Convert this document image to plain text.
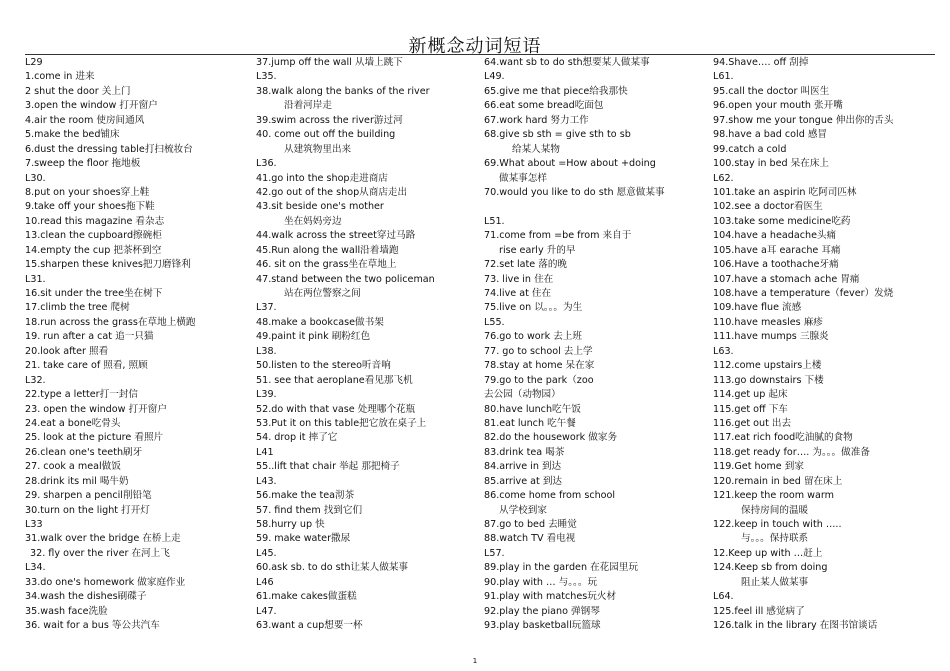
新概念动词短语
L29
1.come in 进来
2 shut the door 关上门
3.open the window 打开窗户
4.air the room 使房间通风
5.make the bed铺床
6.dust the dressing table打扫梳妆台
7.sweep the floor 拖地板
L30.
8.put on your shoes穿上鞋
9.take off your shoes拖下鞋
10.read this magazine 看杂志
13.clean the cupboard擦碗柜
14.empty the cup 把茶杯到空
15.sharpen these knives把刀磨锋利
L31.
16.sit under the tree坐在树下
17.climb the tree 爬树
18.run across the grass在草地上横跑
19. run after a cat 追一只猫
20.look after 照看
21. take care of 照看, 照顾
L32.
22.type a letter打一封信
23. open the window 打开窗户
24.eat a bone吃骨头
25. look at the picture 看照片
26.clean one's teeth刷牙
27. cook a meal做饭
28.drink its mil 喝牛奶
29. sharpen a pencil削铅笔
30.turn on the light 打开灯
L33
31.walk over the bridge 在桥上走
32. fly over the river 在河上飞
L34.
33.do one's homework 做家庭作业
34.wash the dishes刷碟子
35.wash face洗脸
36. wait for a bus 等公共汽车
37.jump off the wall 从墙上跳下
L35.
38.walk along the banks of the river
沿着河岸走
39.swim across the river游过河
40. come out off the building
从建筑物里出来
L36.
41.go into the shop走进商店
42.go out of the shop从商店走出
43.sit beside one's mother
坐在妈妈旁边
44.walk across the street穿过马路
45.Run along the wall沿着墙跑
46. sit on the grass坐在草地上
47.stand between the two policeman
站在两位警察之间
L37.
48.make a bookcase做书架
49.paint it pink 刷粉红色
L38.
50.listen to the stereo听音响
51. see that aeroplane看见那飞机
L39.
52.do with that vase 处理哪个花瓶
53.Put it on this table把它放在桌子上
54. drop it 摔了它
L41
55..lift that chair 举起 那把椅子
L43.
56.make the tea沏茶
57. find them 找到它们
58.hurry up 快
59. make water撒尿
L45.
60.ask sb. to do sth让某人做某事
L46
61.make cakes做蛋糕
L47.
63.want a cup想要一杯
64.want sb to do sth想要某人做某事
L49.
65.give me that piece给我那快
66.eat some bread吃面包
67.work hard 努力工作
68.give sb sth = give sth to sb
给某人某物
69.What about =How about +doing
做某事怎样
70.would you like to do sth 愿意做某事
L51.
71.come from =be from 来自于
rise early 升的早
72.set late 落的晚
73. live in 住在
74.live at 住在
75.live on 以。。。为生
L55.
76.go to work 去上班
77. go to school 去上学
78.stay at home 呆在家
79.go to the park（zoo
去公园（动物园）
80.have lunch吃午饭
81.eat lunch 吃午餐
82.do the housework 做家务
83.drink tea 喝茶
84.arrive in 到达
85.arrive at 到达
86.come home from school
从学校到家
87.go to bed 去睡觉
88.watch TV 看电视
L57.
89.play in the garden 在花园里玩
90.play with … 与。。。玩
91.play with matches玩火材
92.play the piano 弹钢琴
93.play basketball玩篮球
94.Shave…. off 刮掉
L61.
95.call the doctor 叫医生
96.open your mouth 张开嘴
97.show me your tongue 伸出你的舌头
98.have a bad cold 感冒
99.catch a cold
100.stay in bed 呆在床上
L62.
101.take an aspirin 吃阿司匹林
102.see a doctor看医生
103.take some medicine吃药
104.have a headache头痛
105.have a耳 earache 耳痛
106.Have a toothache牙痛
107.have a stomach ache 胃痛
108.have a temperature（fever）发烧
109.have flue 流感
110.have measles 麻疹
111.have mumps 三腺炎
L63.
112.come upstairs上楼
113.go downstairs 下楼
114.get up 起床
115.get off 下车
116.get out 出去
117.eat rich food吃油腻的食物
118.get ready for…. 为。。。做准备
119.Get home 到家
120.remain in bed 留在床上
121.keep the room warm
保持房间的温暖
122.keep in touch with …..
与。。。保持联系
12.Keep up with …赶上
124.Keep sb from doing
阻止某人做某事
L64.
125.feel ill 感觉病了
126.talk in the library 在图书馆谈话
1
